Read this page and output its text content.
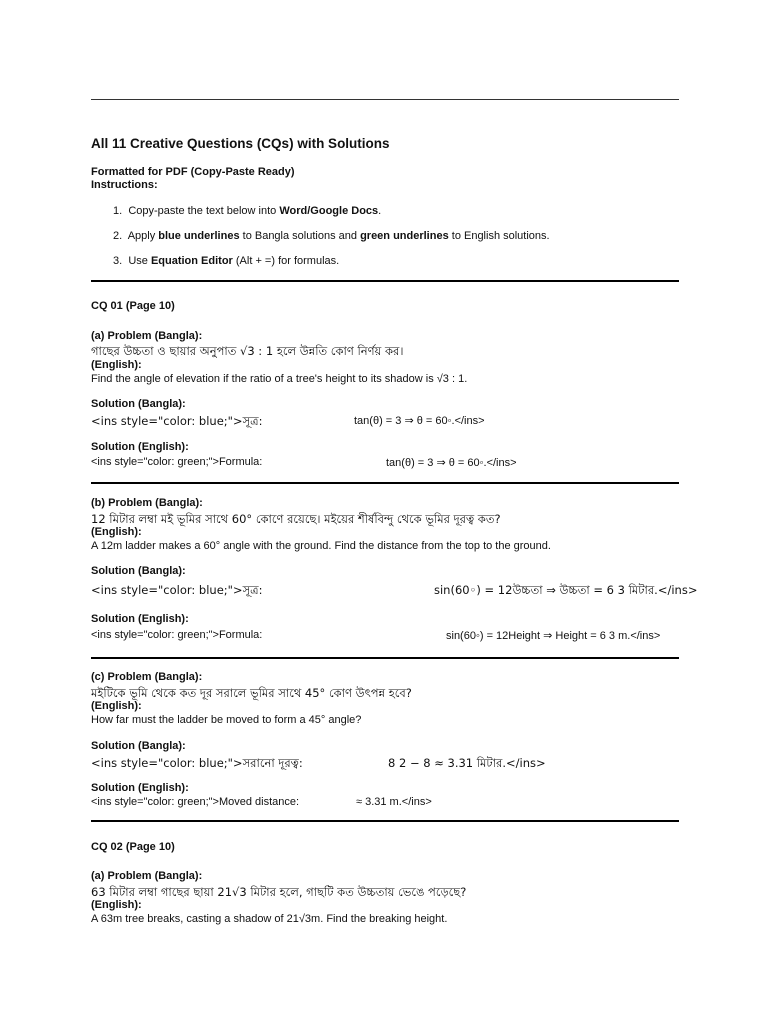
All 11 Creative Questions (CQs) with Solutions
Formatted for PDF (Copy-Paste Ready)
Instructions:
1. Copy-paste the text below into Word/Google Docs.
2. Apply blue underlines to Bangla solutions and green underlines to English solutions.
3. Use Equation Editor (Alt + =) for formulas.
CQ 01 (Page 10)
(a) Problem (Bangla):
গাছের উচ্চতা ও ছায়ার অনুপাত √3 : 1 হলে উন্নতি কোণ নির্ণয় কর।
(English):
Find the angle of elevation if the ratio of a tree's height to its shadow is √3 : 1.
Solution (Bangla):
<ins style="color: blue;">সূত্র:	tan(θ) = 3 ⇒ θ = 60◦.</ins>
Solution (English):
<ins style="color: green;">Formula:	tan(θ) = 3 ⇒ θ = 60◦.</ins>
(b) Problem (Bangla):
12 মিটার লম্বা মই ভূমির সাথে 60° কোণে রয়েছে। মইয়ের শীর্ষবিন্দু থেকে ভূমির দূরত্ব কত?
(English):
A 12m ladder makes a 60° angle with the ground. Find the distance from the top to the ground.
Solution (Bangla):
<ins style="color: blue;">সূত্র:	sin(60◦) = 12উচ্চতা ⇒ উচ্চতা = 6 3 মিটার.</ins>
Solution (English):
<ins style="color: green;">Formula:	sin(60◦) = 12Height ⇒ Height = 6 3 m.</ins>
(c) Problem (Bangla):
মইটিকে ভূমি থেকে কত দূর সরালে ভূমির সাথে 45° কোণ উৎপন্ন হবে?
(English):
How far must the ladder be moved to form a 45° angle?
Solution (Bangla):
<ins style="color: blue;">সরানো দূরত্ব:	8 2 − 8 ≈ 3.31 মিটার.</ins>
Solution (English):
<ins style="color: green;">Moved distance:	≈ 3.31 m.</ins>
CQ 02 (Page 10)
(a) Problem (Bangla):
63 মিটার লম্বা গাছের ছায়া 21√3 মিটার হলে, গাছটি কত উচ্চতায় ভেঙে পড়েছে?
(English):
A 63m tree breaks, casting a shadow of 21√3m. Find the breaking height.
